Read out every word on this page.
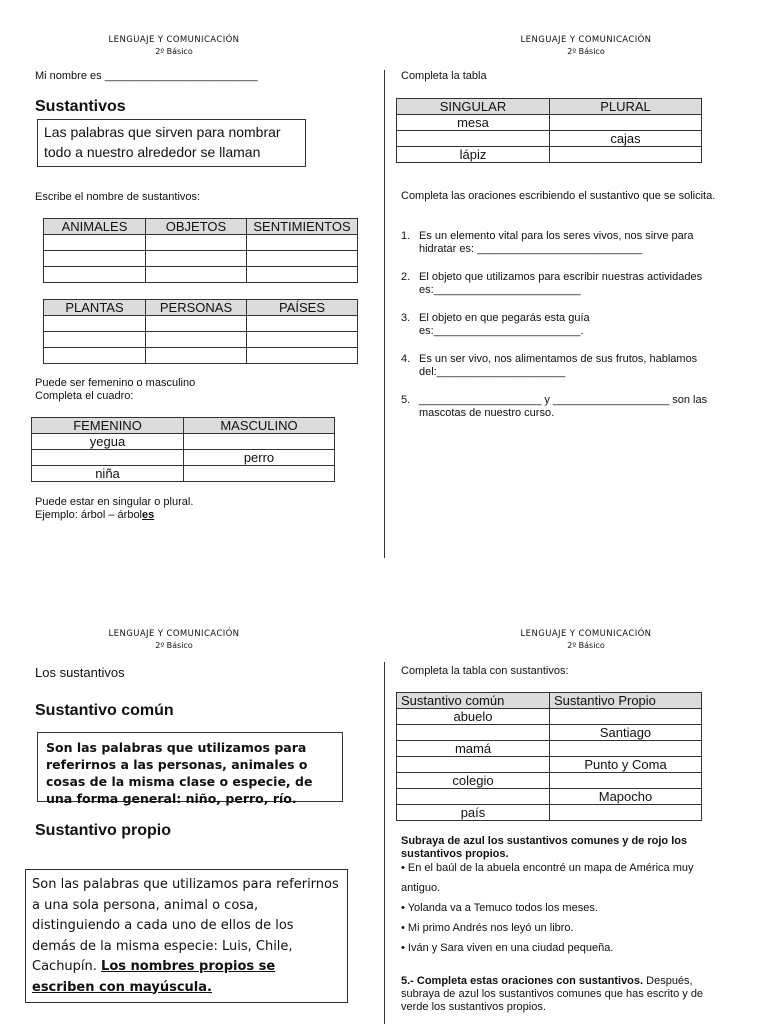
LENGUAJE Y COMUNICACIÓN
2º Básico
Mi nombre es _________________________
Sustantivos
Las palabras que sirven para nombrar todo a nuestro alrededor se llaman
Escribe el nombre de sustantivos:
ANIMALES	OBJETOS	SENTIMIENTOS

PLANTAS	PERSONAS	PAÍSES

Puede ser femenino o masculino
Completa el cuadro:
FEMENINO	MASCULINO
yegua	
	perro
niña	
Puede estar en singular o plural.
Ejemplo: árbol – árboles
LENGUAJE Y COMUNICACIÓN
2º Básico
Completa la tabla
SINGULAR	PLURAL
mesa	
	cajas
lápiz	
Completa las oraciones escribiendo el sustantivo que se solicita.
1. Es un elemento vital para los seres vivos, nos sirve para hidratar es: ___________________________
2. El objeto que utilizamos para escribir nuestras actividades es:________________________
3. El objeto en que pegarás esta guía es:________________________.
4. Es un ser vivo, nos alimentamos de sus frutos, hablamos del:_____________________
5. ____________________ y ___________________ son las mascotas de nuestro curso.
LENGUAJE Y COMUNICACIÓN
2º Básico
Los sustantivos
Sustantivo común
Son las palabras que utilizamos para referirnos a las personas, animales o cosas de la misma clase o especie, de una forma general: niño, perro, río.
Sustantivo propio
Son las palabras que utilizamos para referirnos a una sola persona, animal o cosa, distinguiendo a cada uno de ellos de los demás de la misma especie: Luis, Chile, Cachupín. Los nombres propios se escriben con mayúscula.
LENGUAJE Y COMUNICACIÓN
2º Básico
Completa la tabla con sustantivos:
Sustantivo común	Sustantivo Propio
abuelo	
	Santiago
mamá	
	Punto y Coma
colegio	
	Mapocho
país	
Subraya de azul los sustantivos comunes y de rojo los sustantivos propios.
• En el baúl de la abuela encontré un mapa de América muy antiguo.
• Yolanda va a Temuco todos los meses.
• Mi primo Andrés nos leyó un libro.
• Iván y Sara viven en una ciudad pequeña.
5.- Completa estas oraciones con sustantivos. Después, subraya de azul los sustantivos comunes que has escrito y de verde los sustantivos propios.
